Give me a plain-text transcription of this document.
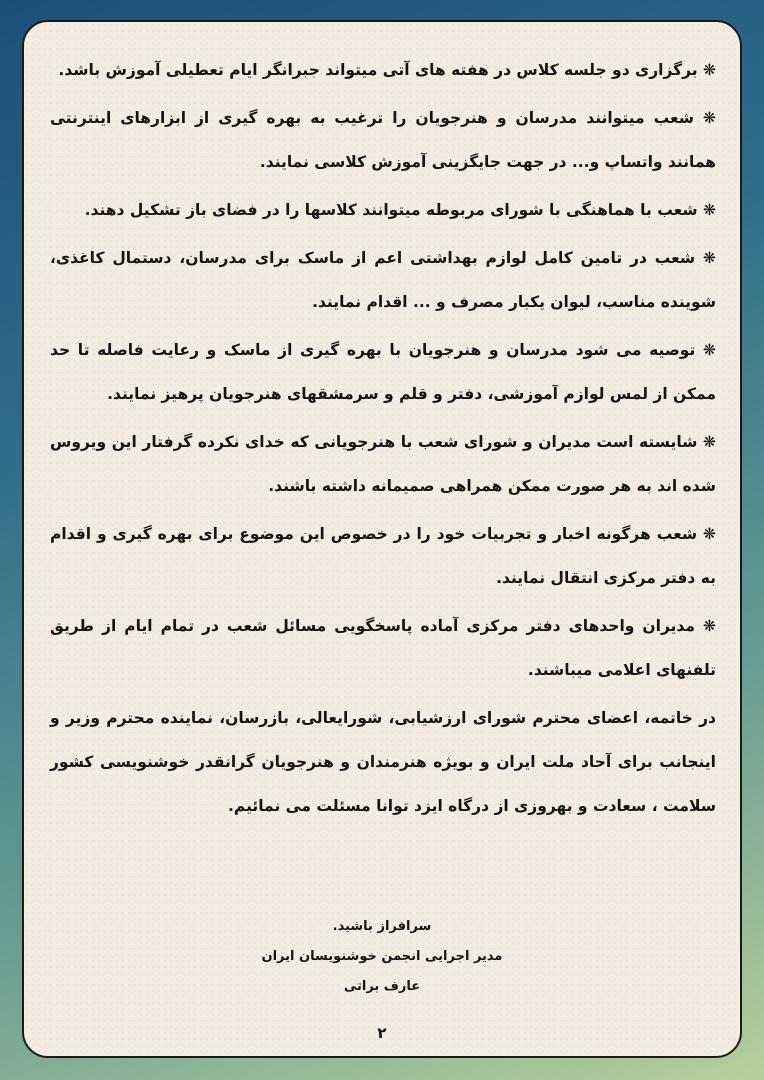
❋ برگزاری دو جلسه کلاس در هفته های آتی میتواند جبرانگر ایام تعطیلی آموزش باشد.

❋ شعب میتوانند مدرسان و هنرجویان را ترغیب به بهره گیری از ابزارهای اینترنتی همانند واتساپ و... در جهت جایگزینی آموزش کلاسی نمایند.

❋ شعب با هماهنگی با شورای مربوطه میتوانند کلاسها را در فضای باز تشکیل دهند.

❋ شعب در تامین کامل لوازم بهداشتی اعم از ماسک برای مدرسان، دستمال کاغذی، شوینده مناسب، لیوان یکبار مصرف و ... اقدام نمایند.

❋ توصیه می شود مدرسان و هنرجویان با بهره گیری از ماسک و رعایت فاصله تا حد ممکن از لمس لوازم آموزشی، دفتر و قلم و سرمشقهای هنرجویان پرهیز نمایند.

❋ شایسته است مدیران و شورای شعب با هنرجویانی که خدای نکرده گرفتار این ویروس شده اند به هر صورت ممکن همراهی صمیمانه داشته باشند.

❋ شعب هرگونه اخبار و تجربیات خود را در خصوص این موضوع برای بهره گیری و اقدام به دفتر مرکزی انتقال نمایند.

❋ مدیران واحدهای دفتر مرکزی آماده پاسخگویی مسائل شعب در تمام ایام از طریق تلفنهای اعلامی میباشند.

در خاتمه، اعضای محترم شورای ارزشیابی، شورایعالی، بازرسان، نماینده محترم وزیر و اینجانب برای آحاد ملت ایران و بویژه هنرمندان و هنرجویان گرانقدر خوشنویسی کشور سلامت ، سعادت و بهروزی از درگاه ایزد توانا مسئلت می نمائیم.

سرافراز باشید.
مدیر اجرایی انجمن خوشنویسان ایران
عارف براتی
۲
